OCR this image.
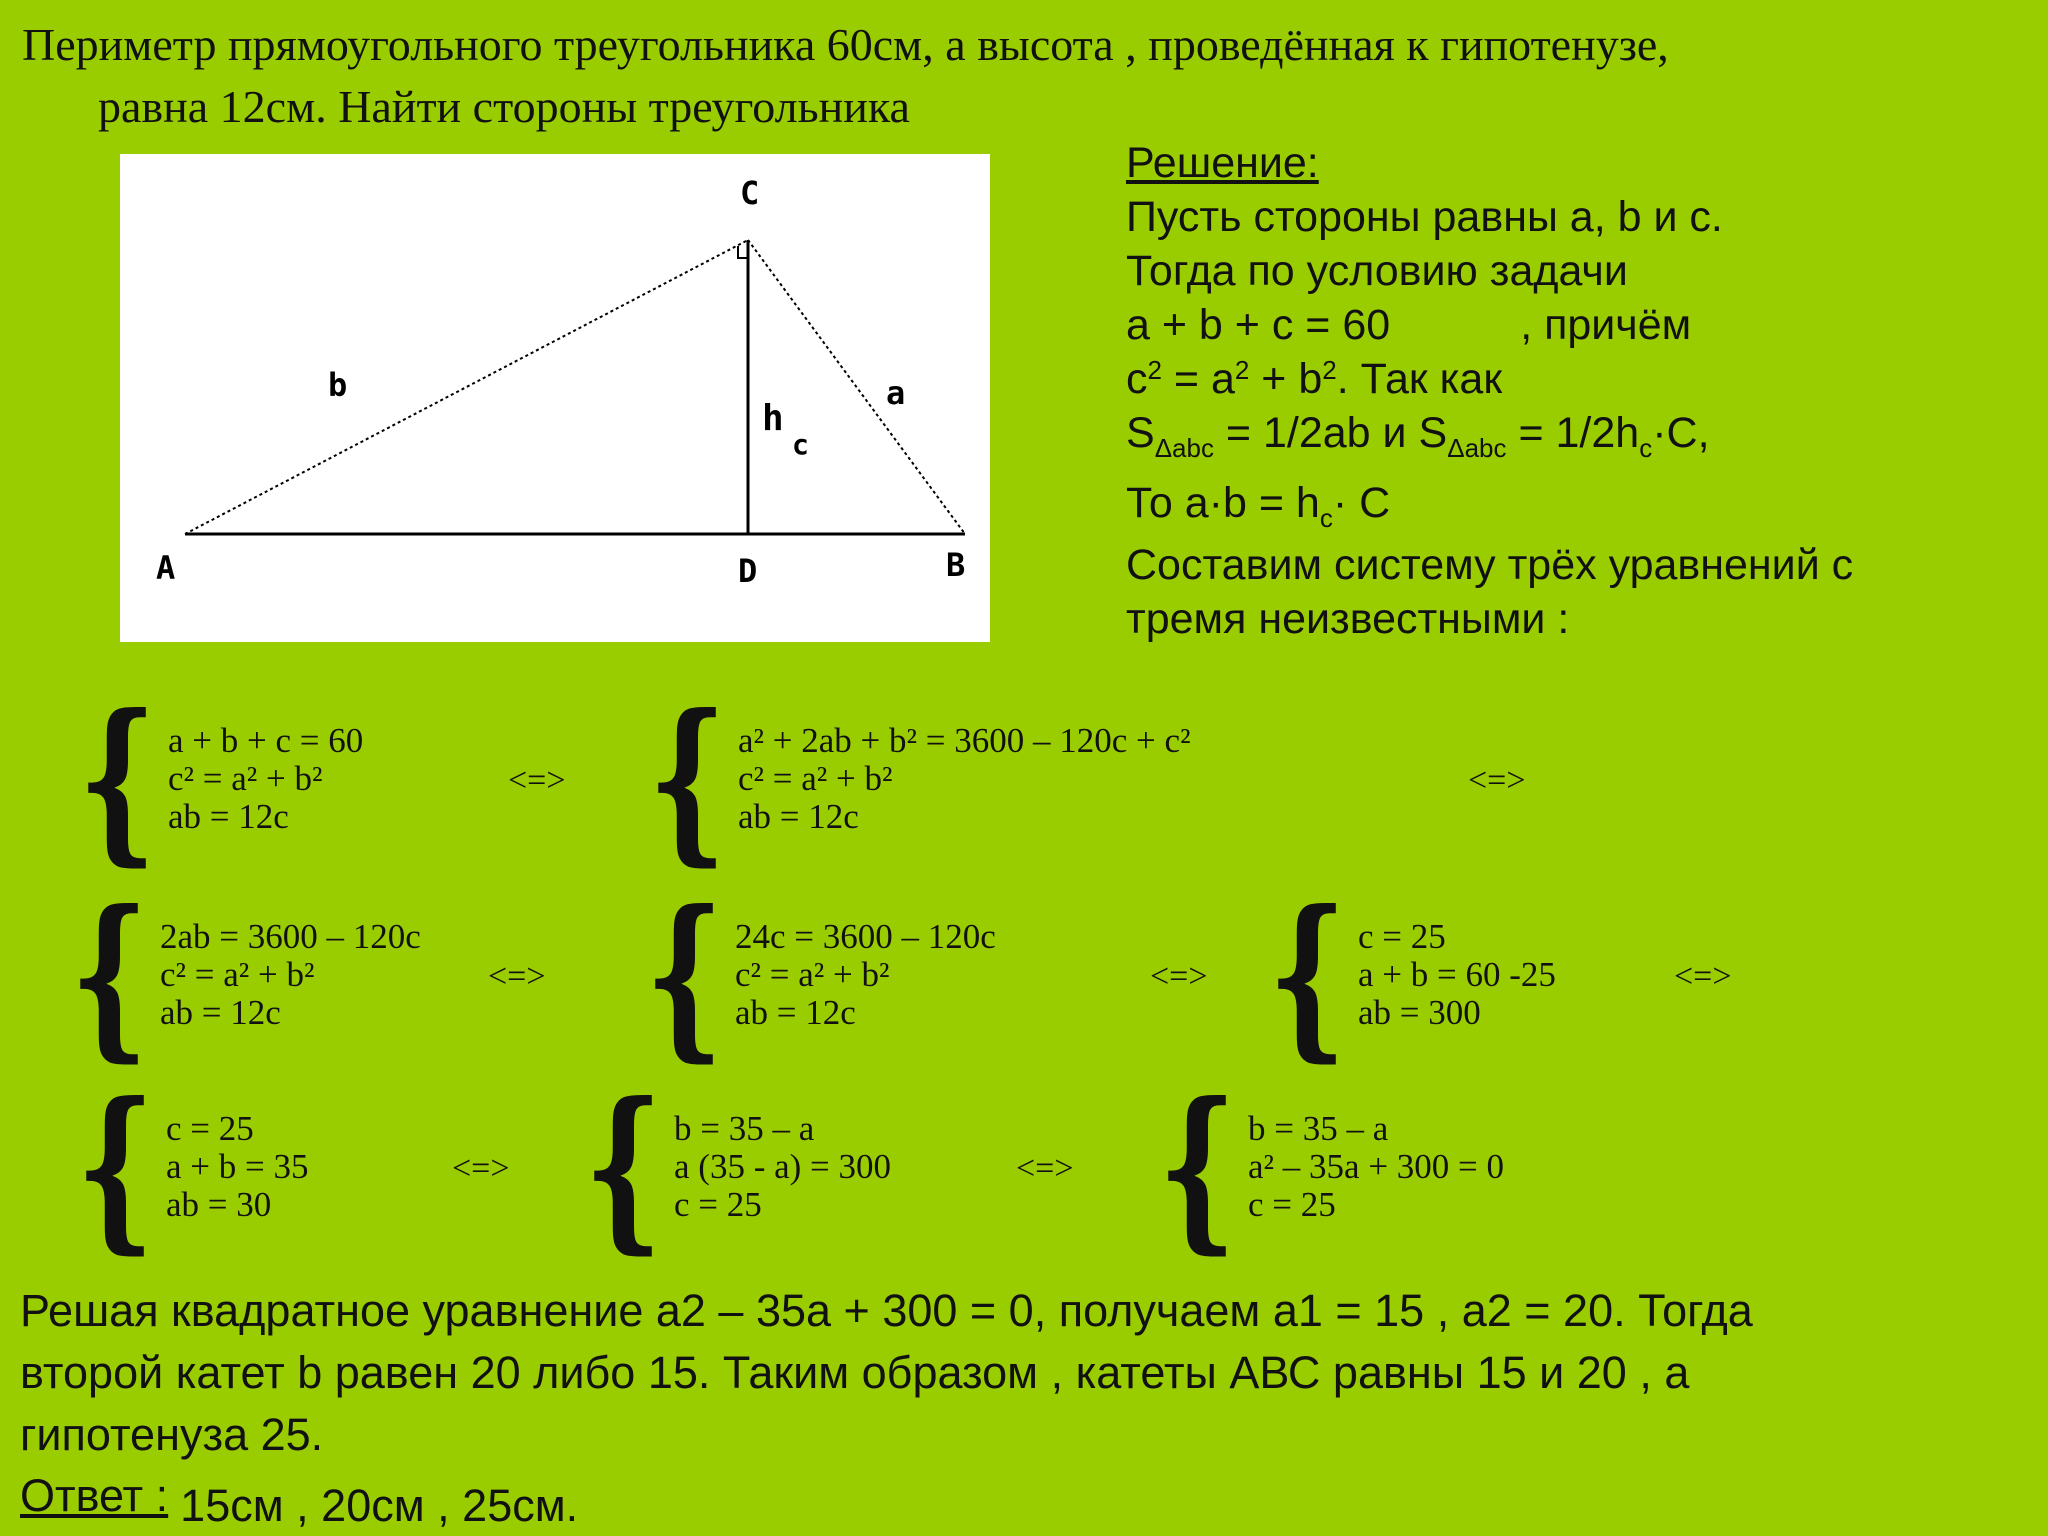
Периметр прямоугольного треугольника 60см, а высота , проведённая к гипотенузе,
равна 12см. Найти стороны треугольника
C
A	D	B
b	a
h
c
Решение:
Пусть стороны равны a, b и c.
Тогда по условию задачи
a + b + c = 60	, причём
$c^2 = a^2 + b^2$. Так как
$S_{\Delta abc} = 1/2ab$ и $S_{\Delta abc} = 1/2h_c\cdot C$,
То $a\cdot b = h_c\cdot C$
Составим систему трёх уравнений с
тремя неизвестными :
{ a + b + c = 60
c² = a² + b²
ab = 12c
<=> { a² + 2ab + b² = 3600 – 120c + c²
c² = a² + b²
ab = 12c
<=>
{ 2ab = 3600 – 120c
c² = a² + b²
ab = 12c
<=> { 24c = 3600 – 120c
c² = a² + b²
ab = 12c
<=> { c = 25
a + b = 60 -25
ab = 300
<=>
{ c = 25
a + b = 35
ab = 30
<=> { b = 35 – a
a (35 - a) = 300
c = 25
<=> { b = 35 – a
a² – 35a + 300 = 0
c = 25
Решая квадратное уравнение а2 – 35а + 300 = 0, получаем а1 = 15 , а2 = 20. Тогда
второй катет b равен 20 либо 15. Таким образом , катеты АВС равны 15 и 20 , а
гипотенуза 25.
Ответ : 15см , 20см , 25см.
